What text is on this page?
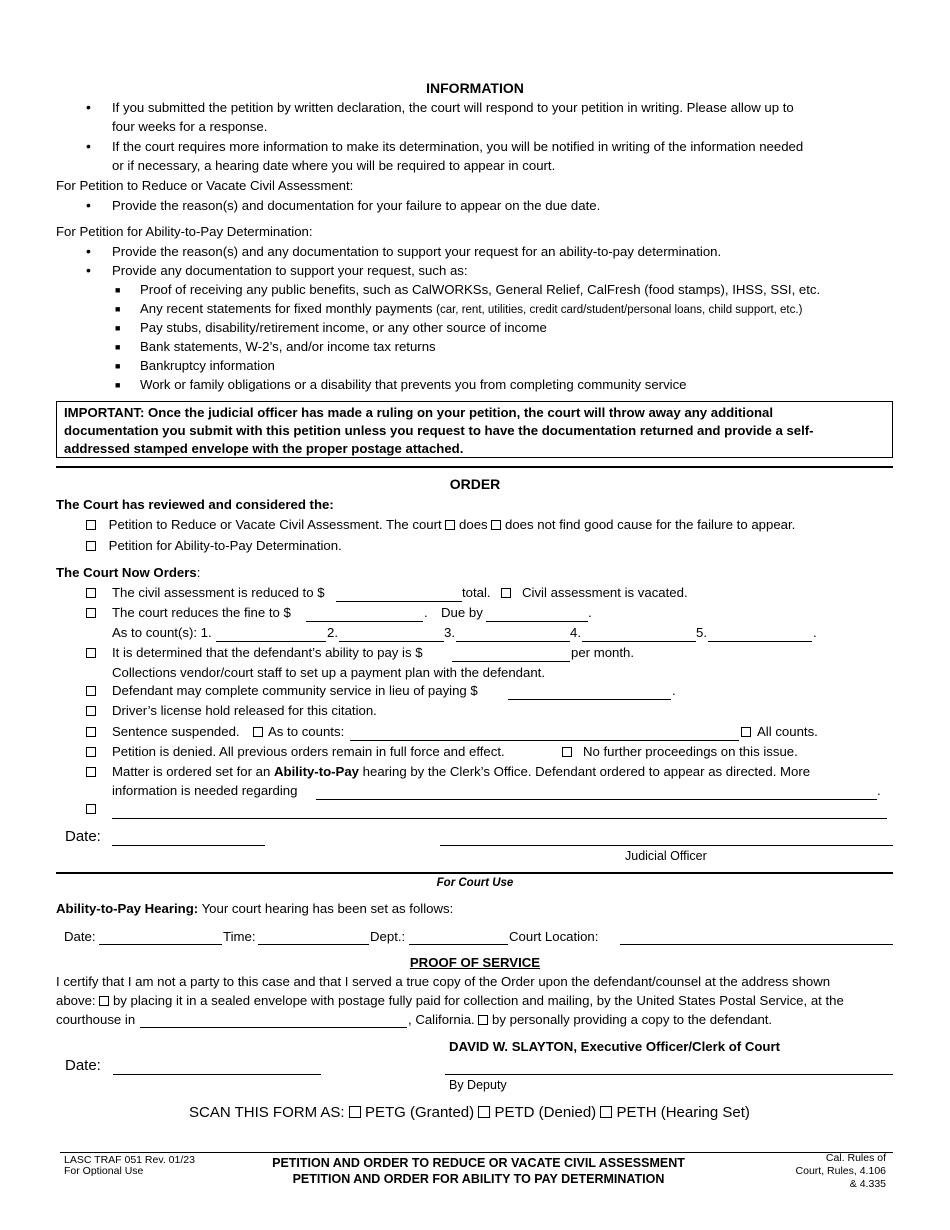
INFORMATION
• If you submitted the petition by written declaration, the court will respond to your petition in writing. Please allow up to
four weeks for a response.
• If the court requires more information to make its determination, you will be notified in writing of the information needed
or if necessary, a hearing date where you will be required to appear in court.
For Petition to Reduce or Vacate Civil Assessment:
• Provide the reason(s) and documentation for your failure to appear on the due date.
For Petition for Ability-to-Pay Determination:
• Provide the reason(s) and any documentation to support your request for an ability-to-pay determination.
• Provide any documentation to support your request, such as:
■ Proof of receiving any public benefits, such as CalWORKSs, General Relief, CalFresh (food stamps), IHSS, SSI, etc.
■ Any recent statements for fixed monthly payments (car, rent, utilities, credit card/student/personal loans, child support, etc.)
■ Pay stubs, disability/retirement income, or any other source of income
■ Bank statements, W-2’s, and/or income tax returns
■ Bankruptcy information
■ Work or family obligations or a disability that prevents you from completing community service
IMPORTANT: Once the judicial officer has made a ruling on your petition, the court will throw away any additional
documentation you submit with this petition unless you request to have the documentation returned and provide a self-
addressed stamped envelope with the proper postage attached.
ORDER
The Court has reviewed and considered the:
Petition to Reduce or Vacate Civil Assessment. The court does does not find good cause for the failure to appear.
Petition for Ability-to-Pay Determination.
The Court Now Orders:
The civil assessment is reduced to $	total. Civil assessment is vacated.
The court reduces the fine to $	. Due by	.
As to count(s): 1.	2.	3.	4.	5.	.
It is determined that the defendant’s ability to pay is $	per month.
Collections vendor/court staff to set up a payment plan with the defendant.
Defendant may complete community service in lieu of paying $	.
Driver’s license hold released for this citation.
Sentence suspended. As to counts:	All counts.
Petition is denied. All previous orders remain in full force and effect.	No further proceedings on this issue.
Matter is ordered set for an Ability-to-Pay hearing by the Clerk’s Office. Defendant ordered to appear as directed. More
information is needed regarding	.
Date:
Judicial Officer
For Court Use
Ability-to-Pay Hearing: Your court hearing has been set as follows:
Date:	Time:	Dept.:	Court Location:
PROOF OF SERVICE
I certify that I am not a party to this case and that I served a true copy of the Order upon the defendant/counsel at the address shown
above: by placing it in a sealed envelope with postage fully paid for collection and mailing, by the United States Postal Service, at the
courthouse in	, California. by personally providing a copy to the defendant.
DAVID W. SLAYTON, Executive Officer/Clerk of Court
Date:
By Deputy
SCAN THIS FORM AS: PETG (Granted) PETD (Denied) PETH (Hearing Set)
LASC TRAF 051 Rev. 01/23
For Optional Use
PETITION AND ORDER TO REDUCE OR VACATE CIVIL ASSESSMENT
PETITION AND ORDER FOR ABILITY TO PAY DETERMINATION
Cal. Rules of
Court, Rules, 4.106
& 4.335
